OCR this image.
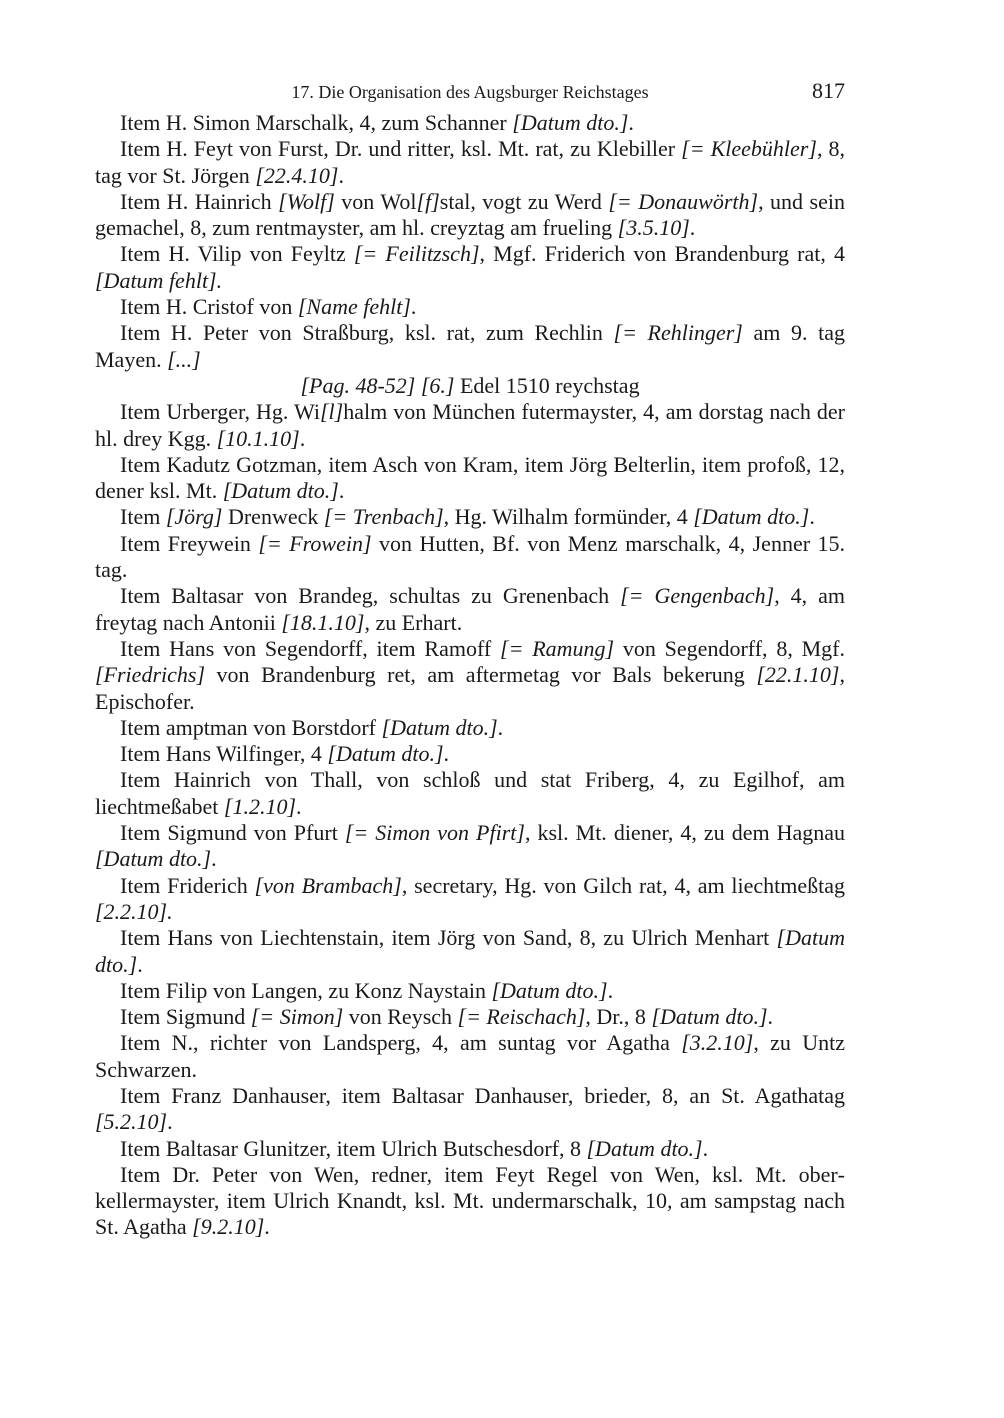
17. Die Organisation des Augsburger Reichstages	817

Item H. Simon Marschalk, 4, zum Schanner [Datum dto.].

Item H. Feyt von Furst, Dr. und ritter, ksl. Mt. rat, zu Klebiller [= Kleebühler], 8, tag vor St. Jörgen [22.4.10].

Item H. Hainrich [Wolf] von Wol[f]stal, vogt zu Werd [= Donauwörth], und sein gemachel, 8, zum rentmayster, am hl. creyztag am frueling [3.5.10].

Item H. Vilip von Feyltz [= Feilitzsch], Mgf. Friderich von Brandenburg rat, 4 [Datum fehlt].

Item H. Cristof von [Name fehlt].

Item H. Peter von Straßburg, ksl. rat, zum Rechlin [= Rehlinger] am 9. tag Mayen. [...]

[Pag. 48-52] [6.] Edel 1510 reychstag

Item Urberger, Hg. Wi[l]halm von München futermayster, 4, am dorstag nach der hl. drey Kgg. [10.1.10].

Item Kadutz Gotzman, item Asch von Kram, item Jörg Belterlin, item profoß, 12, dener ksl. Mt. [Datum dto.].

Item [Jörg] Drenweck [= Trenbach], Hg. Wilhalm formünder, 4 [Datum dto.].

Item Freywein [= Frowein] von Hutten, Bf. von Menz marschalk, 4, Jenner 15. tag.

Item Baltasar von Brandeg, schultas zu Grenenbach [= Gengenbach], 4, am freytag nach Antonii [18.1.10], zu Erhart.

Item Hans von Segendorff, item Ramoff [= Ramung] von Segendorff, 8, Mgf. [Friedrichs] von Brandenburg ret, am aftermetag vor Bals bekerung [22.1.10], Epischofer.

Item amptman von Borstdorf [Datum dto.].

Item Hans Wilfinger, 4 [Datum dto.].

Item Hainrich von Thall, von schloß und stat Friberg, 4, zu Egilhof, am liechtmeßabet [1.2.10].

Item Sigmund von Pfurt [= Simon von Pfirt], ksl. Mt. diener, 4, zu dem Hagnau [Datum dto.].

Item Friderich [von Brambach], secretary, Hg. von Gilch rat, 4, am liechtmeßtag [2.2.10].

Item Hans von Liechtenstain, item Jörg von Sand, 8, zu Ulrich Menhart [Datum dto.].

Item Filip von Langen, zu Konz Naystain [Datum dto.].

Item Sigmund [= Simon] von Reysch [= Reischach], Dr., 8 [Datum dto.].

Item N., richter von Landsperg, 4, am suntag vor Agatha [3.2.10], zu Untz Schwarzen.

Item Franz Danhauser, item Baltasar Danhauser, brieder, 8, an St. Agathatag [5.2.10].

Item Baltasar Glunitzer, item Ulrich Butschesdorf, 8 [Datum dto.].

Item Dr. Peter von Wen, redner, item Feyt Regel von Wen, ksl. Mt. oberkellermayster, item Ulrich Knandt, ksl. Mt. undermarschalk, 10, am sampstag nach St. Agatha [9.2.10].
